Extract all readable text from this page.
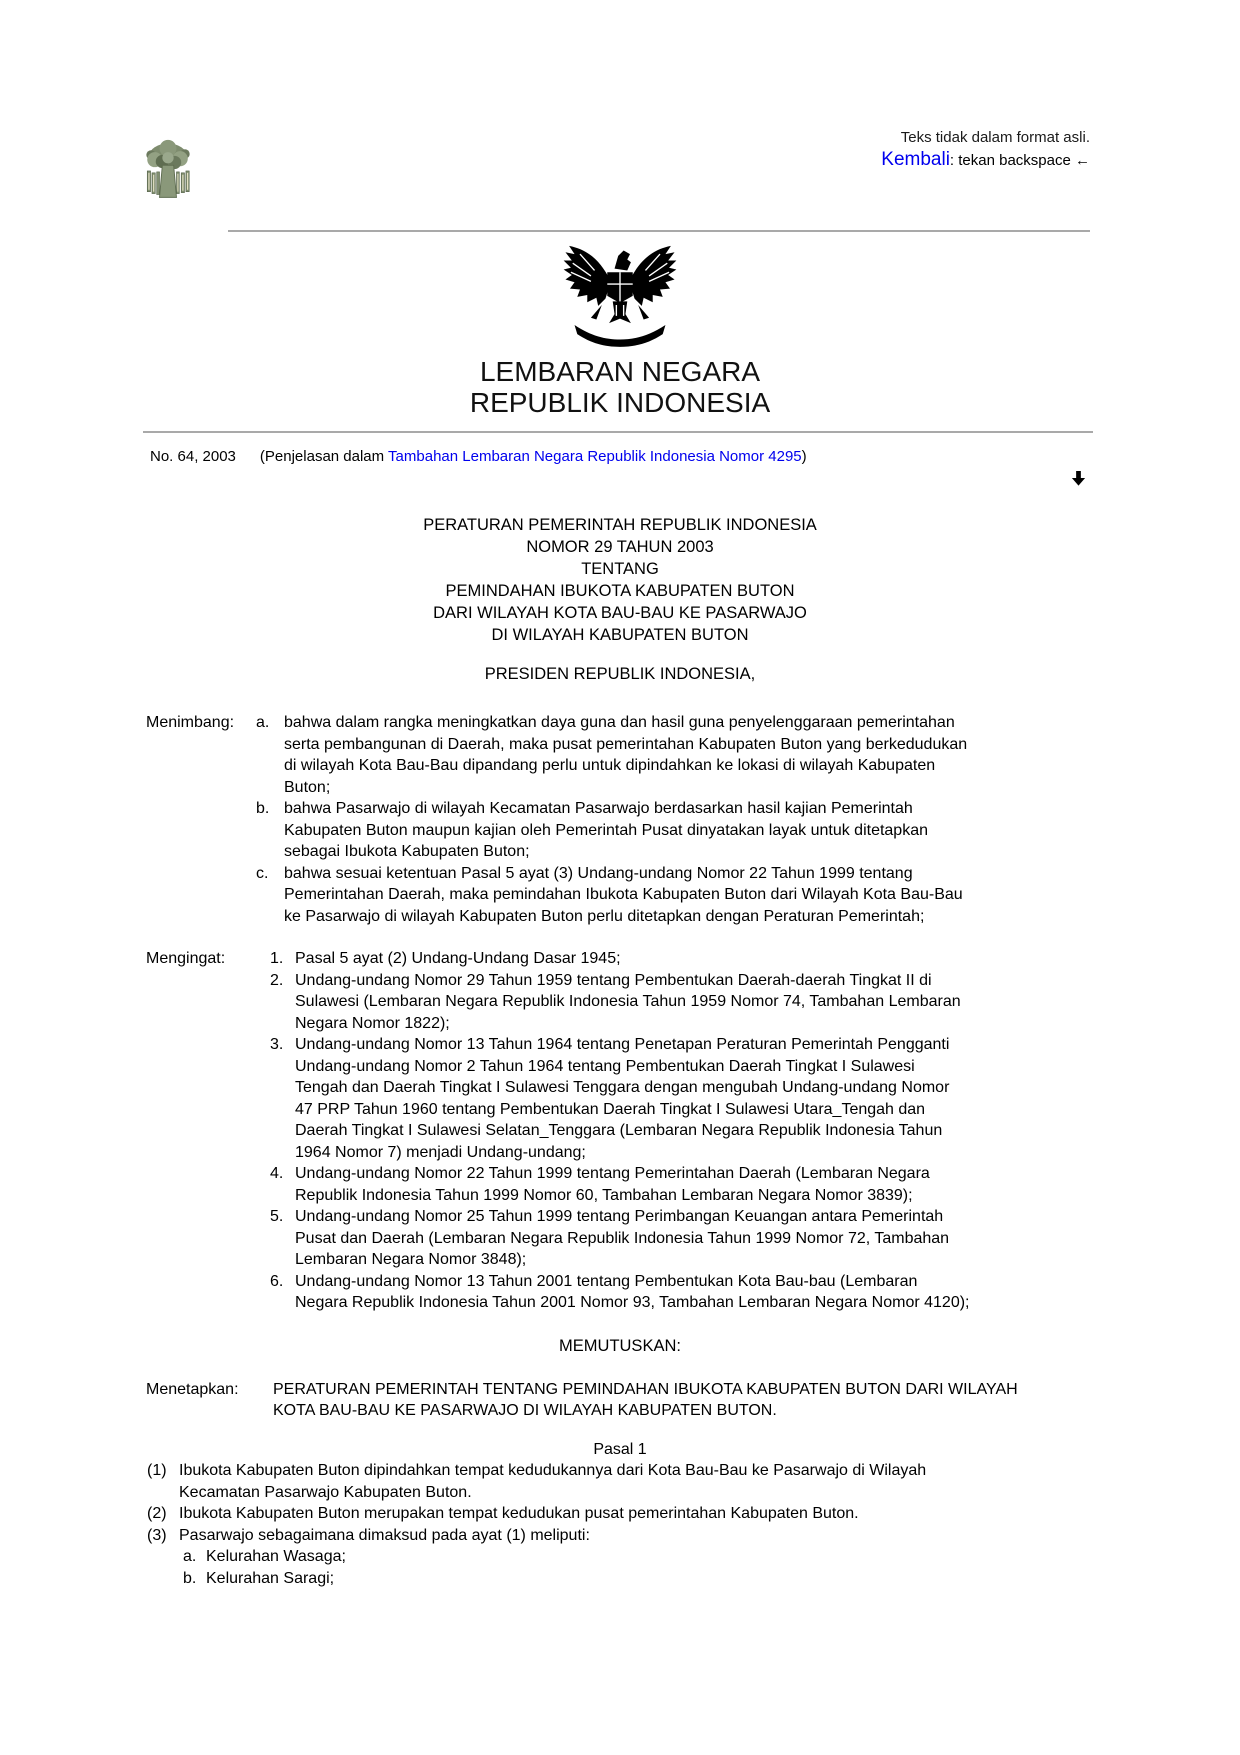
Teks tidak dalam format asli.
Kembali: tekan backspace ←
LEMBARAN NEGARA
REPUBLIK INDONESIA
No. 64, 2003 (Penjelasan dalam Tambahan Lembaran Negara Republik Indonesia Nomor 4295)
PERATURAN PEMERINTAH REPUBLIK INDONESIA
NOMOR 29 TAHUN 2003
TENTANG
PEMINDAHAN IBUKOTA KABUPATEN BUTON
DARI WILAYAH KOTA BAU-BAU KE PASARWAJO
DI WILAYAH KABUPATEN BUTON
PRESIDEN REPUBLIK INDONESIA,
Menimbang:	a. bahwa dalam rangka meningkatkan daya guna dan hasil guna penyelenggaraan pemerintahan serta pembangunan di Daerah, maka pusat pemerintahan Kabupaten Buton yang berkedudukan di wilayah Kota Bau-Bau dipandang perlu untuk dipindahkan ke lokasi di wilayah Kabupaten Buton;
b. bahwa Pasarwajo di wilayah Kecamatan Pasarwajo berdasarkan hasil kajian Pemerintah Kabupaten Buton maupun kajian oleh Pemerintah Pusat dinyatakan layak untuk ditetapkan sebagai Ibukota Kabupaten Buton;
c. bahwa sesuai ketentuan Pasal 5 ayat (3) Undang-undang Nomor 22 Tahun 1999 tentang Pemerintahan Daerah, maka pemindahan Ibukota Kabupaten Buton dari Wilayah Kota Bau-Bau ke Pasarwajo di wilayah Kabupaten Buton perlu ditetapkan dengan Peraturan Pemerintah;
Mengingat:	1. Pasal 5 ayat (2) Undang-Undang Dasar 1945;
2. Undang-undang Nomor 29 Tahun 1959 tentang Pembentukan Daerah-daerah Tingkat II di Sulawesi (Lembaran Negara Republik Indonesia Tahun 1959 Nomor 74, Tambahan Lembaran Negara Nomor 1822);
3. Undang-undang Nomor 13 Tahun 1964 tentang Penetapan Peraturan Pemerintah Pengganti Undang-undang Nomor 2 Tahun 1964 tentang Pembentukan Daerah Tingkat I Sulawesi Tengah dan Daerah Tingkat I Sulawesi Tenggara dengan mengubah Undang-undang Nomor 47 PRP Tahun 1960 tentang Pembentukan Daerah Tingkat I Sulawesi Utara_Tengah dan Daerah Tingkat I Sulawesi Selatan_Tenggara (Lembaran Negara Republik Indonesia Tahun 1964 Nomor 7) menjadi Undang-undang;
4. Undang-undang Nomor 22 Tahun 1999 tentang Pemerintahan Daerah (Lembaran Negara Republik Indonesia Tahun 1999 Nomor 60, Tambahan Lembaran Negara Nomor 3839);
5. Undang-undang Nomor 25 Tahun 1999 tentang Perimbangan Keuangan antara Pemerintah Pusat dan Daerah (Lembaran Negara Republik Indonesia Tahun 1999 Nomor 72, Tambahan Lembaran Negara Nomor 3848);
6. Undang-undang Nomor 13 Tahun 2001 tentang Pembentukan Kota Bau-bau (Lembaran Negara Republik Indonesia Tahun 2001 Nomor 93, Tambahan Lembaran Negara Nomor 4120);
MEMUTUSKAN:
Menetapkan:	PERATURAN PEMERINTAH TENTANG PEMINDAHAN IBUKOTA KABUPATEN BUTON DARI WILAYAH KOTA BAU-BAU KE PASARWAJO DI WILAYAH KABUPATEN BUTON.
Pasal 1
(1) Ibukota Kabupaten Buton dipindahkan tempat kedudukannya dari Kota Bau-Bau ke Pasarwajo di Wilayah Kecamatan Pasarwajo Kabupaten Buton.
(2) Ibukota Kabupaten Buton merupakan tempat kedudukan pusat pemerintahan Kabupaten Buton.
(3) Pasarwajo sebagaimana dimaksud pada ayat (1) meliputi:
a. Kelurahan Wasaga;
b. Kelurahan Saragi;
